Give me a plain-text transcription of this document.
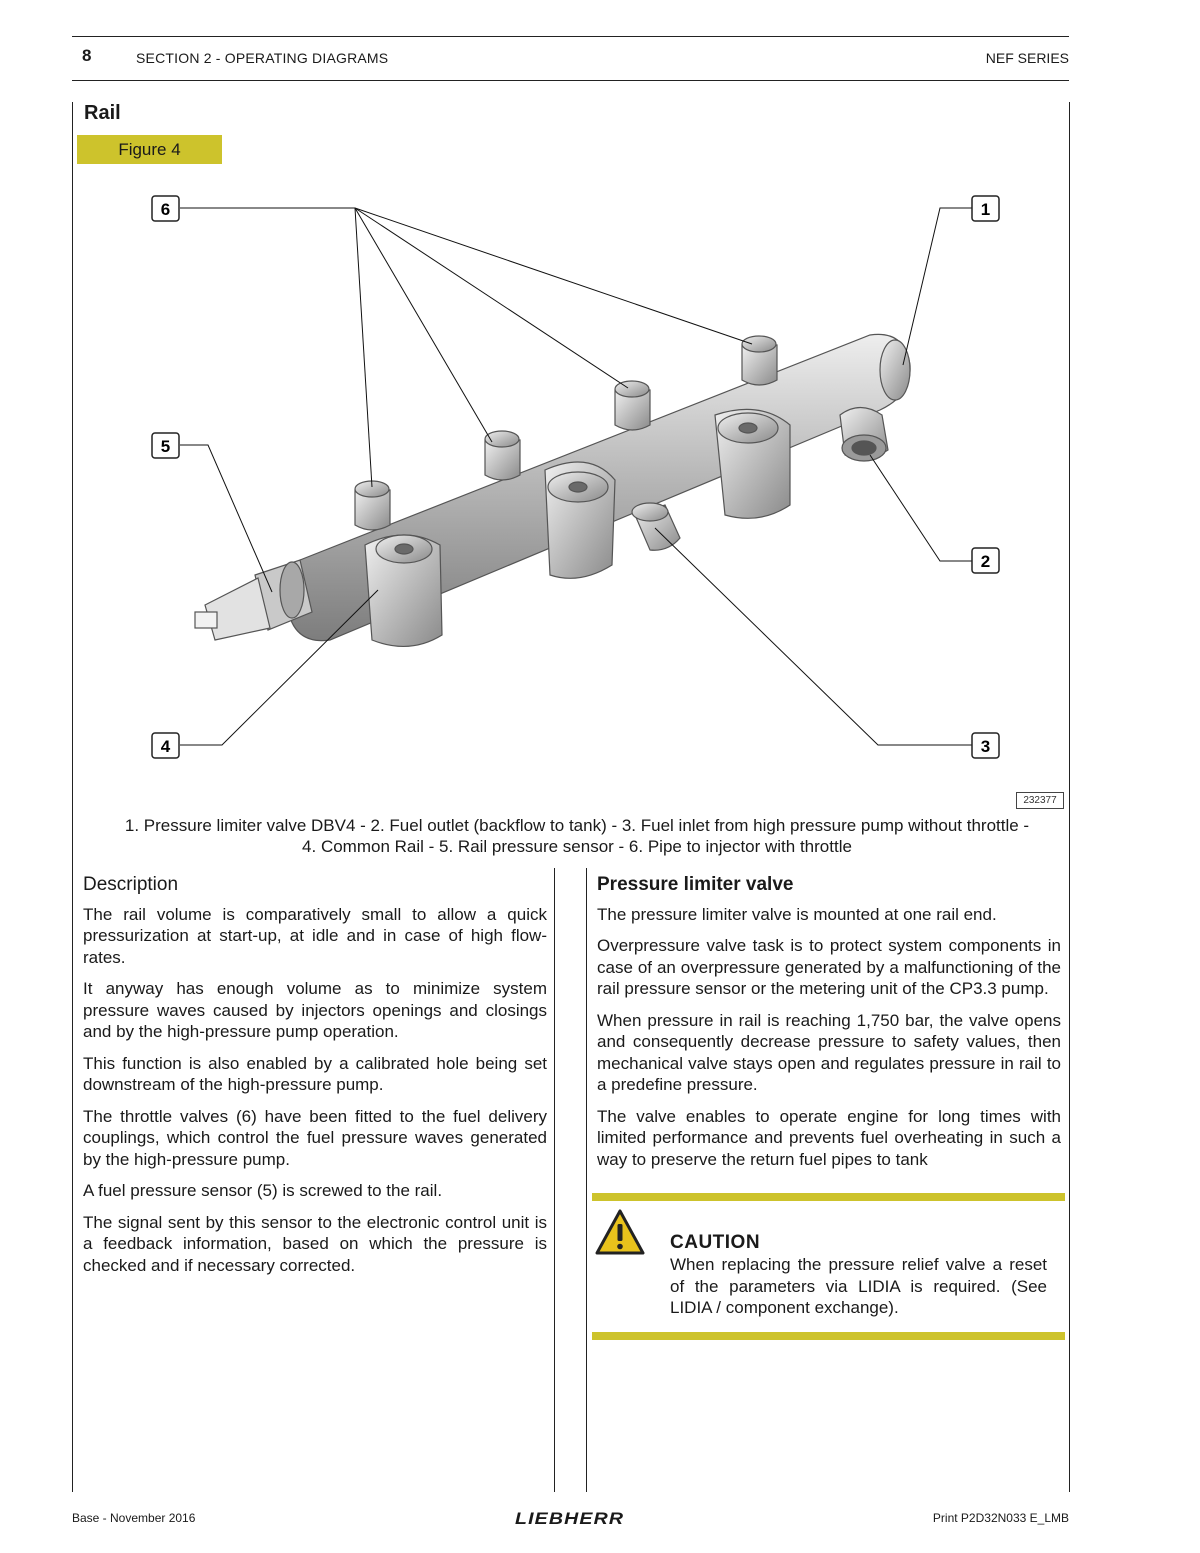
8	SECTION 2 - OPERATING DIAGRAMS	NEF SERIES
Rail
Figure 4
6	1
5
2
4	3
232377
1. Pressure limiter valve DBV4 - 2. Fuel outlet (backflow to tank) - 3. Fuel inlet from high pressure pump without throttle -
4. Common Rail - 5. Rail pressure sensor - 6. Pipe to injector with throttle
Description

The rail volume is comparatively small to allow a quick pressurization at start-up, at idle and in case of high flow-rates.

It anyway has enough volume as to minimize system pressure waves caused by injectors openings and closings and by the high-pressure pump operation.

This function is also enabled by a calibrated hole being set downstream of the high-pressure pump.

The throttle valves (6) have been fitted to the fuel delivery couplings, which control the fuel pressure waves generated by the high-pressure pump.

A fuel pressure sensor (5) is screwed to the rail.

The signal sent by this sensor to the electronic control unit is a feedback information, based on which the pressure is checked and if necessary corrected.

Pressure limiter valve

The pressure limiter valve is mounted at one rail end.

Overpressure valve task is to protect system components in case of an overpressure generated by a malfunctioning of the rail pressure sensor or the metering unit of the CP3.3 pump.

When pressure in rail is reaching 1,750 bar, the valve opens and consequently decrease pressure to safety values, then mechanical valve stays open and regulates pressure in rail to a predefine pressure.

The valve enables to operate engine for long times with limited performance and prevents fuel overheating in such a way to preserve the return fuel pipes to tank

CAUTION
When replacing the pressure relief valve a reset of the parameters via LIDIA is required. (See LIDIA / component exchange).
Base - November 2016	LIEBHERR	Print P2D32N033 E_LMB
